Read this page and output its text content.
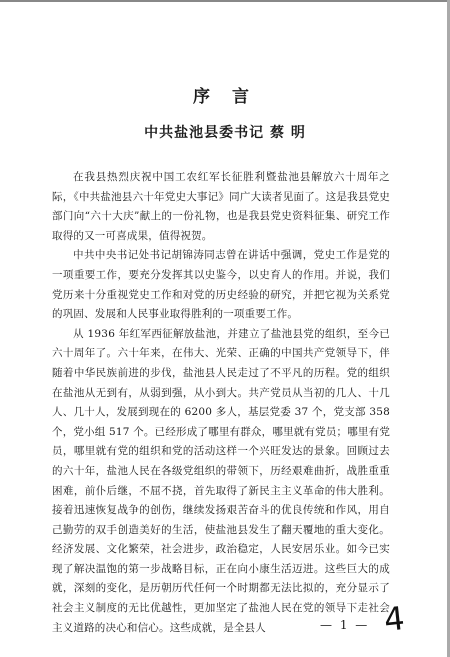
序 言
中共盐池县委书记 蔡 明

在我县热烈庆祝中国工农红军长征胜利暨盐池县解放六十周年之际，《中共盐池县六十年党史大事记》同广大读者见面了。这是我县党史部门向“六十大庆”献上的一份礼物，也是我县党史资料征集、研究工作取得的又一可喜成果，值得祝贺。

中共中央书记处书记胡锦涛同志曾在讲话中强调，党史工作是党的一项重要工作，要充分发挥其以史鉴今，以史育人的作用。并说，我们党历来十分重视党史工作和对党的历史经验的研究，并把它视为关系党的巩固、发展和人民事业取得胜利的一项重要工作。

从 1936 年红军西征解放盐池，并建立了盐池县党的组织，至今已六十周年了。六十年来，在伟大、光荣、正确的中国共产党领导下，伴随着中华民族前进的步伐，盐池县人民走过了不平凡的历程。党的组织在盐池从无到有，从弱到强，从小到大。共产党员从当初的几人、十几人、几十人，发展到现在的 6200 多人，基层党委 37 个，党支部 358 个，党小组 517 个。已经形成了哪里有群众，哪里就有党员；哪里有党员，哪里就有党的组织和党的活动这样一个兴旺发达的景象。回顾过去的六十年，盐池人民在各级党组织的带领下，历经艰难曲折，战胜重重困难，前仆后继，不屈不挠，首先取得了新民主主义革命的伟大胜利。接着迅速恢复战争的创伤，继续发扬艰苦奋斗的优良传统和作风，用自己勤劳的双手创造美好的生活，使盐池县发生了翻天覆地的重大变化。经济发展、文化繁荣，社会进步，政治稳定，人民安居乐业。如今已实现了解决温饱的第一步战略目标，正在向小康生活迈进。这些巨大的成就，深刻的变化，是历朝历代任何一个时期都无法比拟的，充分显示了社会主义制度的无比优越性，更加坚定了盐池人民在党的领导下走社会主义道路的决心和信心。这些成就，是全县人	— 1 — 4
